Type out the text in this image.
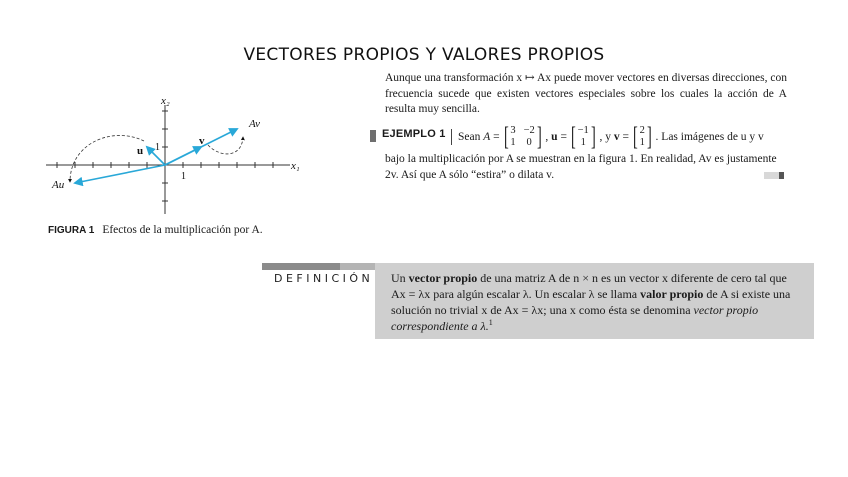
VECTORES PROPIOS Y VALORES PROPIOS
x₂
x₁
1
1
u
v
Au
Av
FIGURA 1 Efectos de la multiplicación por A.
Aunque una transformación x ↦ Ax puede mover vectores en diversas direcciones, con frecuencia sucede que existen vectores especiales sobre los cuales la acción de A resulta muy sencilla.
EJEMPLO 1 Sean
A = [ 3 −2
1 0 ] , u = [ −1
1 ] , y
v = [ 2
1 ] . Las imágenes de u y v
bajo la multiplicación por A se muestran en la figura 1. En realidad, Av es justamente 2v. Así que A sólo “estira” o dilata v.
DEFINICIÓN	Un vector propio de una matriz A de n × n es un vector x diferente de cero tal que Ax = λx para algún escalar λ. Un escalar λ se llama valor propio de A si existe una solución no trivial x de Ax = λx; una x como ésta se denomina vector propio correspondiente a λ.$^1$
